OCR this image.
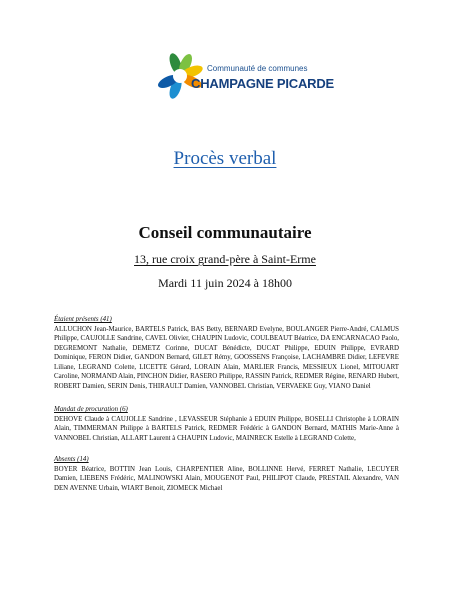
Communauté de communes
CHAMPAGNE PICARDE
Procès verbal
Conseil communautaire
13, rue croix grand-père à Saint-Erme
Mardi 11 juin 2024 à 18h00
Étaient présents (41)
ALLUCHON Jean-Maurice, BARTELS Patrick, BAS Betty, BERNARD Evelyne, BOULANGER Pierre-André, CALMUS Philippe, CAUJOLLE Sandrine, CAVEL Olivier, CHAUPIN Ludovic, COULBEAUT Béatrice, DA ENCARNACAO Paolo, DEGREMONT Nathalie, DEMETZ Corinne, DUCAT Bénédicte, DUCAT Philippe, EDUIN Philippe, EVRARD Dominique, FERON Didier, GANDON Bernard, GILET Rémy, GOOSSENS Françoise, LACHAMBRE Didier, LEFEVRE Liliane, LEGRAND Colette, LICETTE Gérard, LORAIN Alain, MARLIER Francis, MESSIEUX Lionel, MITOUART Caroline, NORMAND Alain, PINCHON Didier, RASERO Philippe, RASSIN Patrick, REDMER Régine, RENARD Hubert, ROBERT Damien, SERIN Denis, THIRAULT Damien, VANNOBEL Christian, VERVAEKE Guy, VIANO Daniel
Mandat de procuration (6)
DEHOVE Claude à CAUJOLLE Sandrine , LEVASSEUR Stéphanie à EDUIN Philippe, BOSELLI Christophe à LORAIN Alain, TIMMERMAN Philippe à BARTELS Patrick, REDMER Frédéric à GANDON Bernard, MATHIS Marie-Anne à VANNOBEL Christian, ALLART Laurent à CHAUPIN Ludovic, MAINRECK Estelle à LEGRAND Colette,
Absents (14)
BOYER Béatrice, BOTTIN Jean Louis, CHARPENTIER Aline, BOLLINNE Hervé, FERRET Nathalie, LECUYER Damien, LIEBENS Frédéric, MALINOWSKI Alain, MOUGENOT Paul, PHILIPOT Claude, PRESTAIL Alexandre, VAN DEN AVENNE Urbain, WIART Benoit, ZIOMECK Michael
